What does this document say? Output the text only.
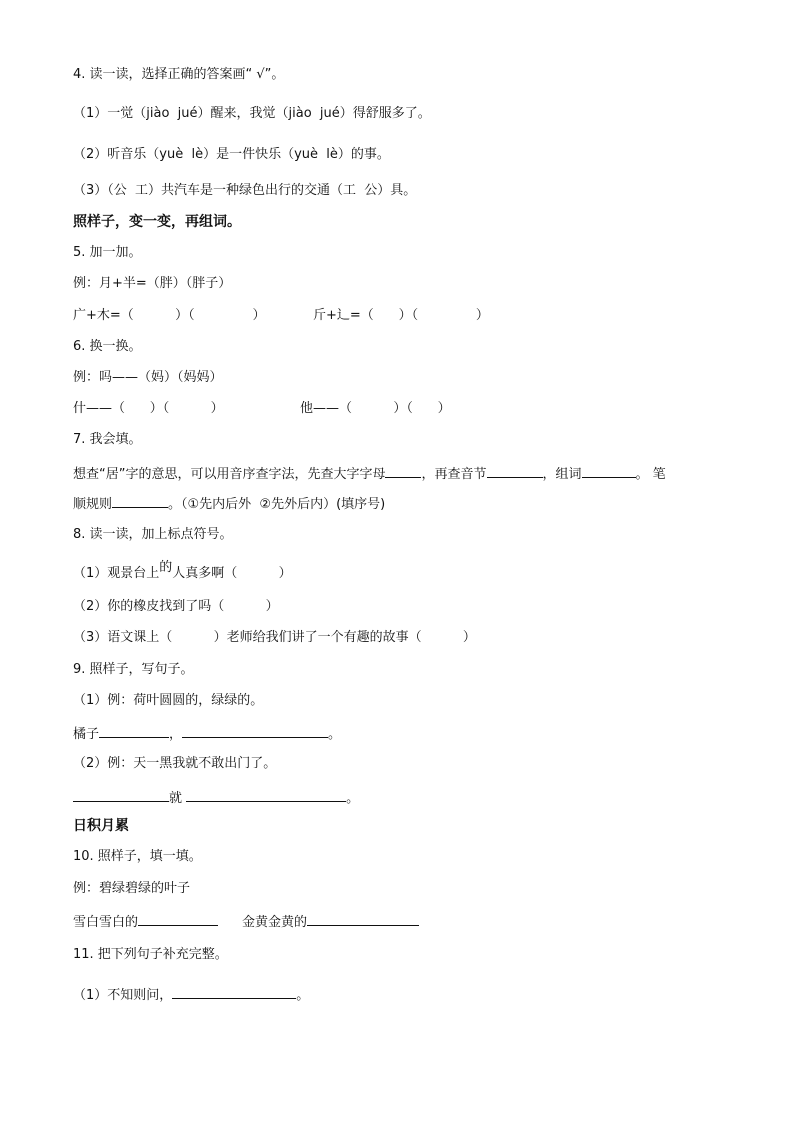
4. 读一读，选择正确的答案画“ √”。
（1）一觉（jiào  jué）醒来，我觉（jiào  jué）得舒服多了。
（2）听音乐（yuè  lè）是一件快乐（yuè  lè）的事。
（3）（公  工）共汽车是一种绿色出行的交通（工  公）具。
照样子，变一变，再组词。
5. 加一加。
例：月+半=（胖）（胖子）
广+木=（          ）（              ）	斤+辶=（      ）（              ）
6. 换一换。
例：吗——（妈）（妈妈）
什——（      ）（          ）	他——（          ）（      ）
7. 我会填。
想查“居”字的意思，可以用音序查字法，先查大字字母	，再查音节	，组词	。 笔
顺规则	。（①先内后外  ②先外后内）(填序号)
8. 读一读，加上标点符号。
（1）观景台上的人真多啊（          ）
（2）你的橡皮找到了吗（          ）
（3）语文课上（          ）老师给我们讲了一个有趣的故事（          ）
9. 照样子，写句子。
（1）例：荷叶圆圆的，绿绿的。
橘子	，	。
（2）例：天一黑我就不敢出门了。
就	。
日积月累
10. 照样子，填一填。
例：碧绿碧绿的叶子
雪白雪白的	金黄金黄的
11. 把下列句子补充完整。
（1）不知则问，	。
